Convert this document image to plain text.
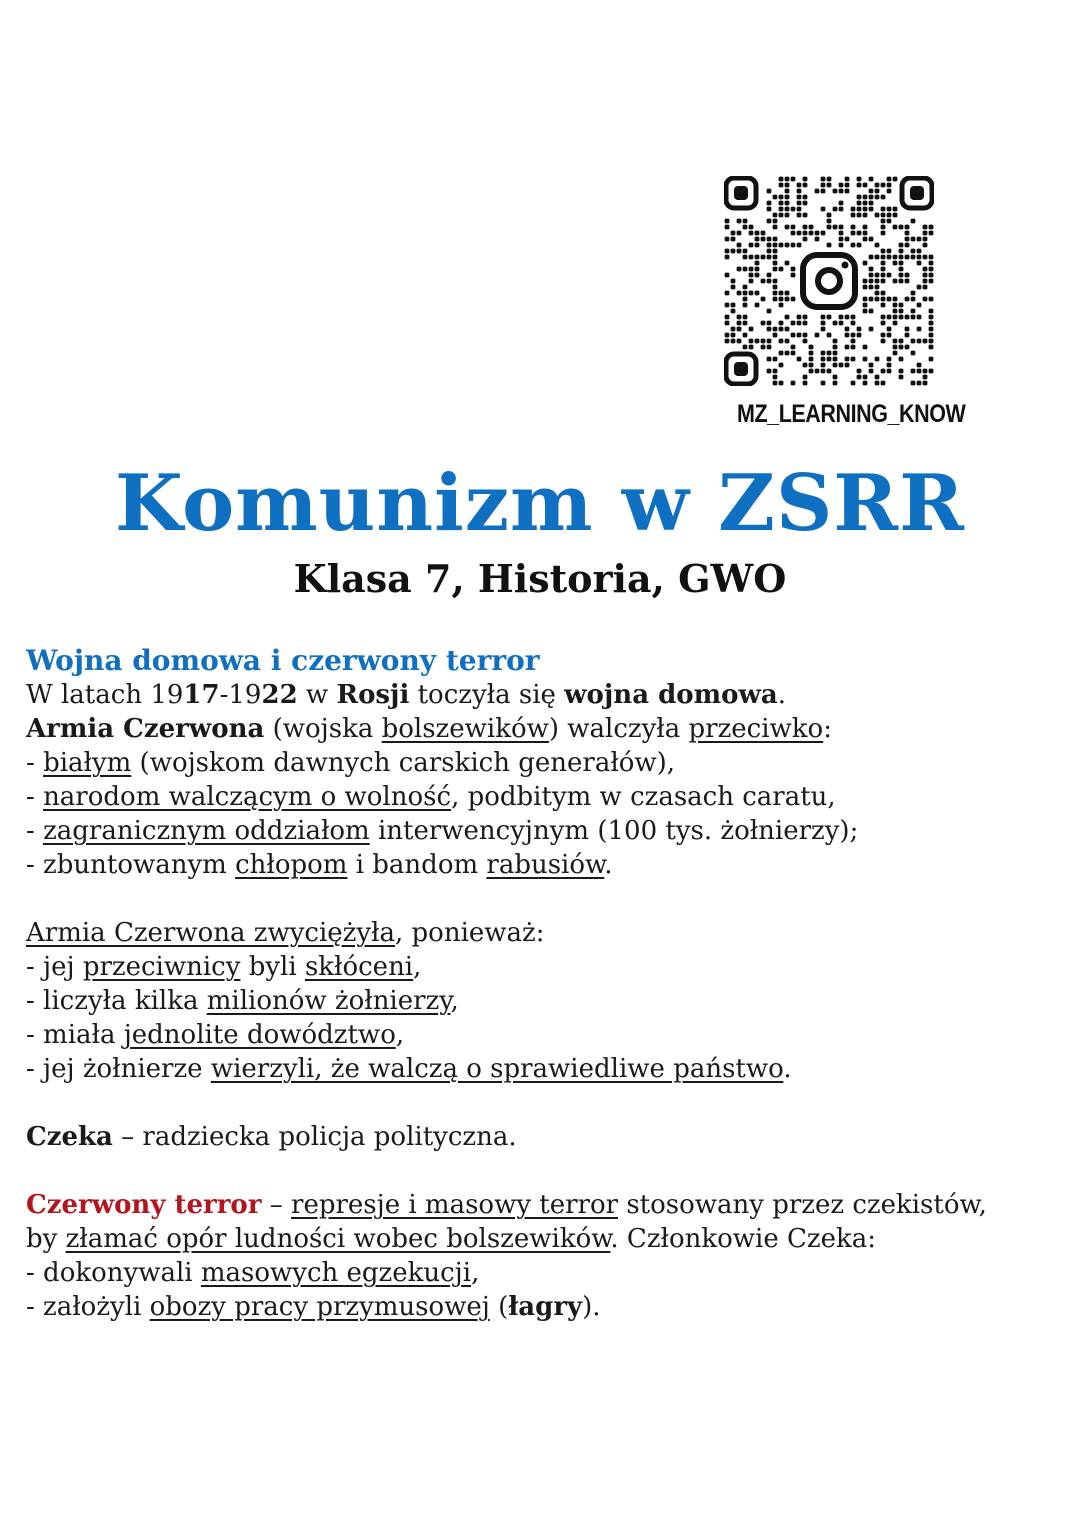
MZ_LEARNING_KNOW
Komunizm w ZSRR
Klasa 7, Historia, GWO

Wojna domowa i czerwony terror

W latach 1917-1922 w Rosji toczyła się wojna domowa.

Armia Czerwona (wojska bolszewików) walczyła przeciwko:

- białym (wojskom dawnych carskich generałów),

- narodom walczącym o wolność, podbitym w czasach caratu,

- zagranicznym oddziałom interwencyjnym (100 tys. żołnierzy);

- zbuntowanym chłopom i bandom rabusiów.

Armia Czerwona zwyciężyła, ponieważ:

- jej przeciwnicy byli skłóceni,

- liczyła kilka milionów żołnierzy,

- miała jednolite dowództwo,

- jej żołnierze wierzyli, że walczą o sprawiedliwe państwo.

Czeka – radziecka policja polityczna.

Czerwony terror – represje i masowy terror stosowany przez czekistów,

by złamać opór ludności wobec bolszewików. Członkowie Czeka:

- dokonywali masowych egzekucji,

- założyli obozy pracy przymusowej (łagry).
